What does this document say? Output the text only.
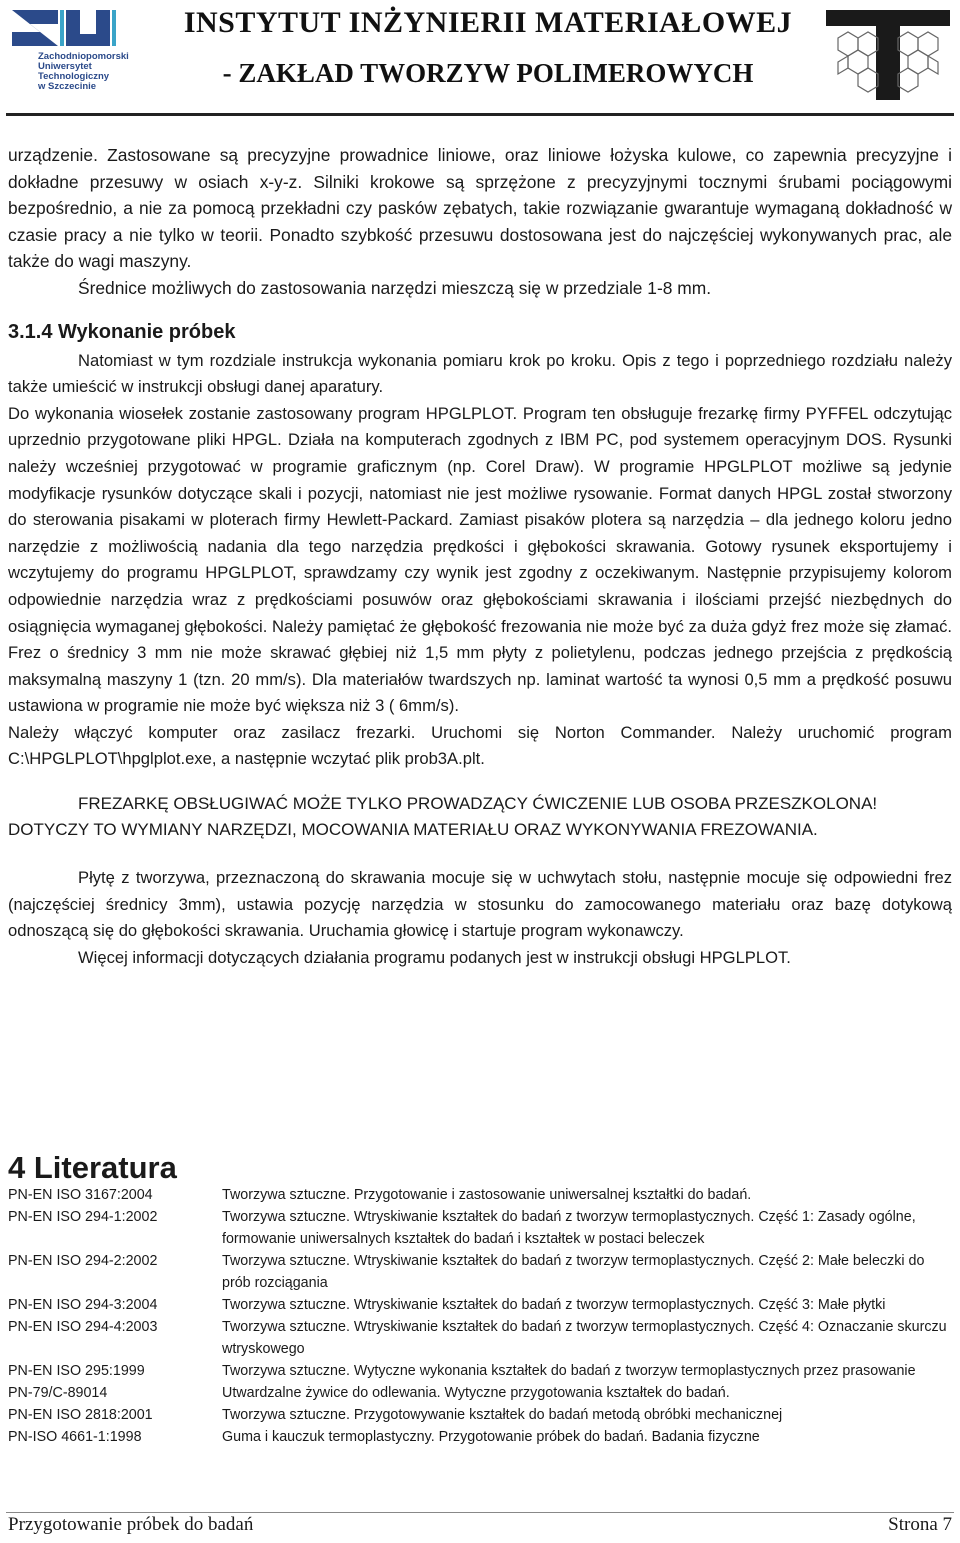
Zachodniopomorski
Uniwersytet
Technologiczny
w Szczecinie
INSTYTUT INŻYNIERII MATERIAŁOWEJ
- ZAKŁAD TWORZYW POLIMEROWYCH

urządzenie. Zastosowane są precyzyjne prowadnice liniowe, oraz liniowe łożyska kulowe, co zapewnia precyzyjne i dokładne przesuwy w osiach x-y-z. Silniki krokowe są sprzężone z precyzyjnymi tocznymi śrubami pociągowymi bezpośrednio, a nie za pomocą przekładni czy pasków zębatych, takie rozwiązanie gwarantuje wymaganą dokładność w czasie pracy a nie tylko w teorii. Ponadto szybkość przesuwu dostosowana jest do najczęściej wykonywanych prac, ale także do wagi maszyny.

Średnice możliwych do zastosowania narzędzi mieszczą się w przedziale 1-8 mm.

3.1.4 Wykonanie próbek

Natomiast w tym rozdziale instrukcja wykonania pomiaru krok po kroku. Opis z tego i poprzedniego rozdziału należy także umieścić w instrukcji obsługi danej aparatury.

Do wykonania wiosełek zostanie zastosowany program HPGLPLOT. Program ten obsługuje frezarkę firmy PYFFEL odczytując uprzednio przygotowane pliki HPGL. Działa na komputerach zgodnych z IBM PC, pod systemem operacyjnym DOS. Rysunki należy wcześniej przygotować w programie graficznym (np. Corel Draw). W programie HPGLPLOT możliwe są jedynie modyfikacje rysunków dotyczące skali i pozycji, natomiast nie jest możliwe rysowanie. Format danych HPGL został stworzony do sterowania pisakami w ploterach firmy Hewlett-Packard. Zamiast pisaków plotera są narzędzia – dla jednego koloru jedno narzędzie z możliwością nadania dla tego narzędzia prędkości i głębokości skrawania. Gotowy rysunek eksportujemy i wczytujemy do programu HPGLPLOT, sprawdzamy czy wynik jest zgodny z oczekiwanym. Następnie przypisujemy kolorom odpowiednie narzędzia wraz z prędkościami posuwów oraz głębokościami skrawania i ilościami przejść niezbędnych do osiągnięcia wymaganej głębokości. Należy pamiętać że głębokość frezowania nie może być za duża gdyż frez może się złamać. Frez o średnicy 3 mm nie może skrawać głębiej niż 1,5 mm płyty z polietylenu, podczas jednego przejścia z prędkością maksymalną maszyny 1 (tzn. 20 mm/s). Dla materiałów twardszych np. laminat wartość ta wynosi 0,5 mm a prędkość posuwu ustawiona w programie nie może być większa niż 3 ( 6mm/s).

Należy włączyć komputer oraz zasilacz frezarki. Uruchomi się Norton Commander. Należy uruchomić program C:\HPGLPLOT\hpglplot.exe, a następnie wczytać plik prob3A.plt.

FREZARKĘ OBSŁUGIWAĆ MOŻE TYLKO PROWADZĄCY ĆWICZENIE LUB OSOBA PRZESZKOLONA!

DOTYCZY TO WYMIANY NARZĘDZI, MOCOWANIA MATERIAŁU ORAZ WYKONYWANIA FREZOWANIA.

Płytę z tworzywa, przeznaczoną do skrawania mocuje się w uchwytach stołu, następnie mocuje się odpowiedni frez (najczęściej średnicy 3mm), ustawia pozycję narzędzia w stosunku do zamocowanego materiału oraz bazę dotykową odnoszącą się do głębokości skrawania. Uruchamia głowicę i startuje program wykonawczy.

Więcej informacji dotyczących działania programu podanych jest w instrukcji obsługi HPGLPLOT.

4 Literatura
PN-EN ISO 3167:2004	Tworzywa sztuczne. Przygotowanie i zastosowanie uniwersalnej kształtki do badań.
PN-EN ISO 294-1:2002	Tworzywa sztuczne. Wtryskiwanie kształtek do badań z tworzyw termoplastycznych. Część 1: Zasady ogólne, formowanie uniwersalnych kształtek do badań i kształtek w postaci beleczek
PN-EN ISO 294-2:2002	Tworzywa sztuczne. Wtryskiwanie kształtek do badań z tworzyw termoplastycznych. Część 2: Małe beleczki do prób rozciągania
PN-EN ISO 294-3:2004	Tworzywa sztuczne. Wtryskiwanie kształtek do badań z tworzyw termoplastycznych. Część 3: Małe płytki
PN-EN ISO 294-4:2003	Tworzywa sztuczne. Wtryskiwanie kształtek do badań z tworzyw termoplastycznych. Część 4: Oznaczanie skurczu wtryskowego
PN-EN ISO 295:1999	Tworzywa sztuczne. Wytyczne wykonania kształtek do badań z tworzyw termoplastycznych przez prasowanie
PN-79/C-89014	Utwardzalne żywice do odlewania. Wytyczne przygotowania kształtek do badań.
PN-EN ISO 2818:2001	Tworzywa sztuczne. Przygotowywanie kształtek do badań metodą obróbki mechanicznej
PN-ISO 4661-1:1998	Guma i kauczuk termoplastyczny. Przygotowanie próbek do badań. Badania fizyczne
Przygotowanie próbek do badań	Strona 7
